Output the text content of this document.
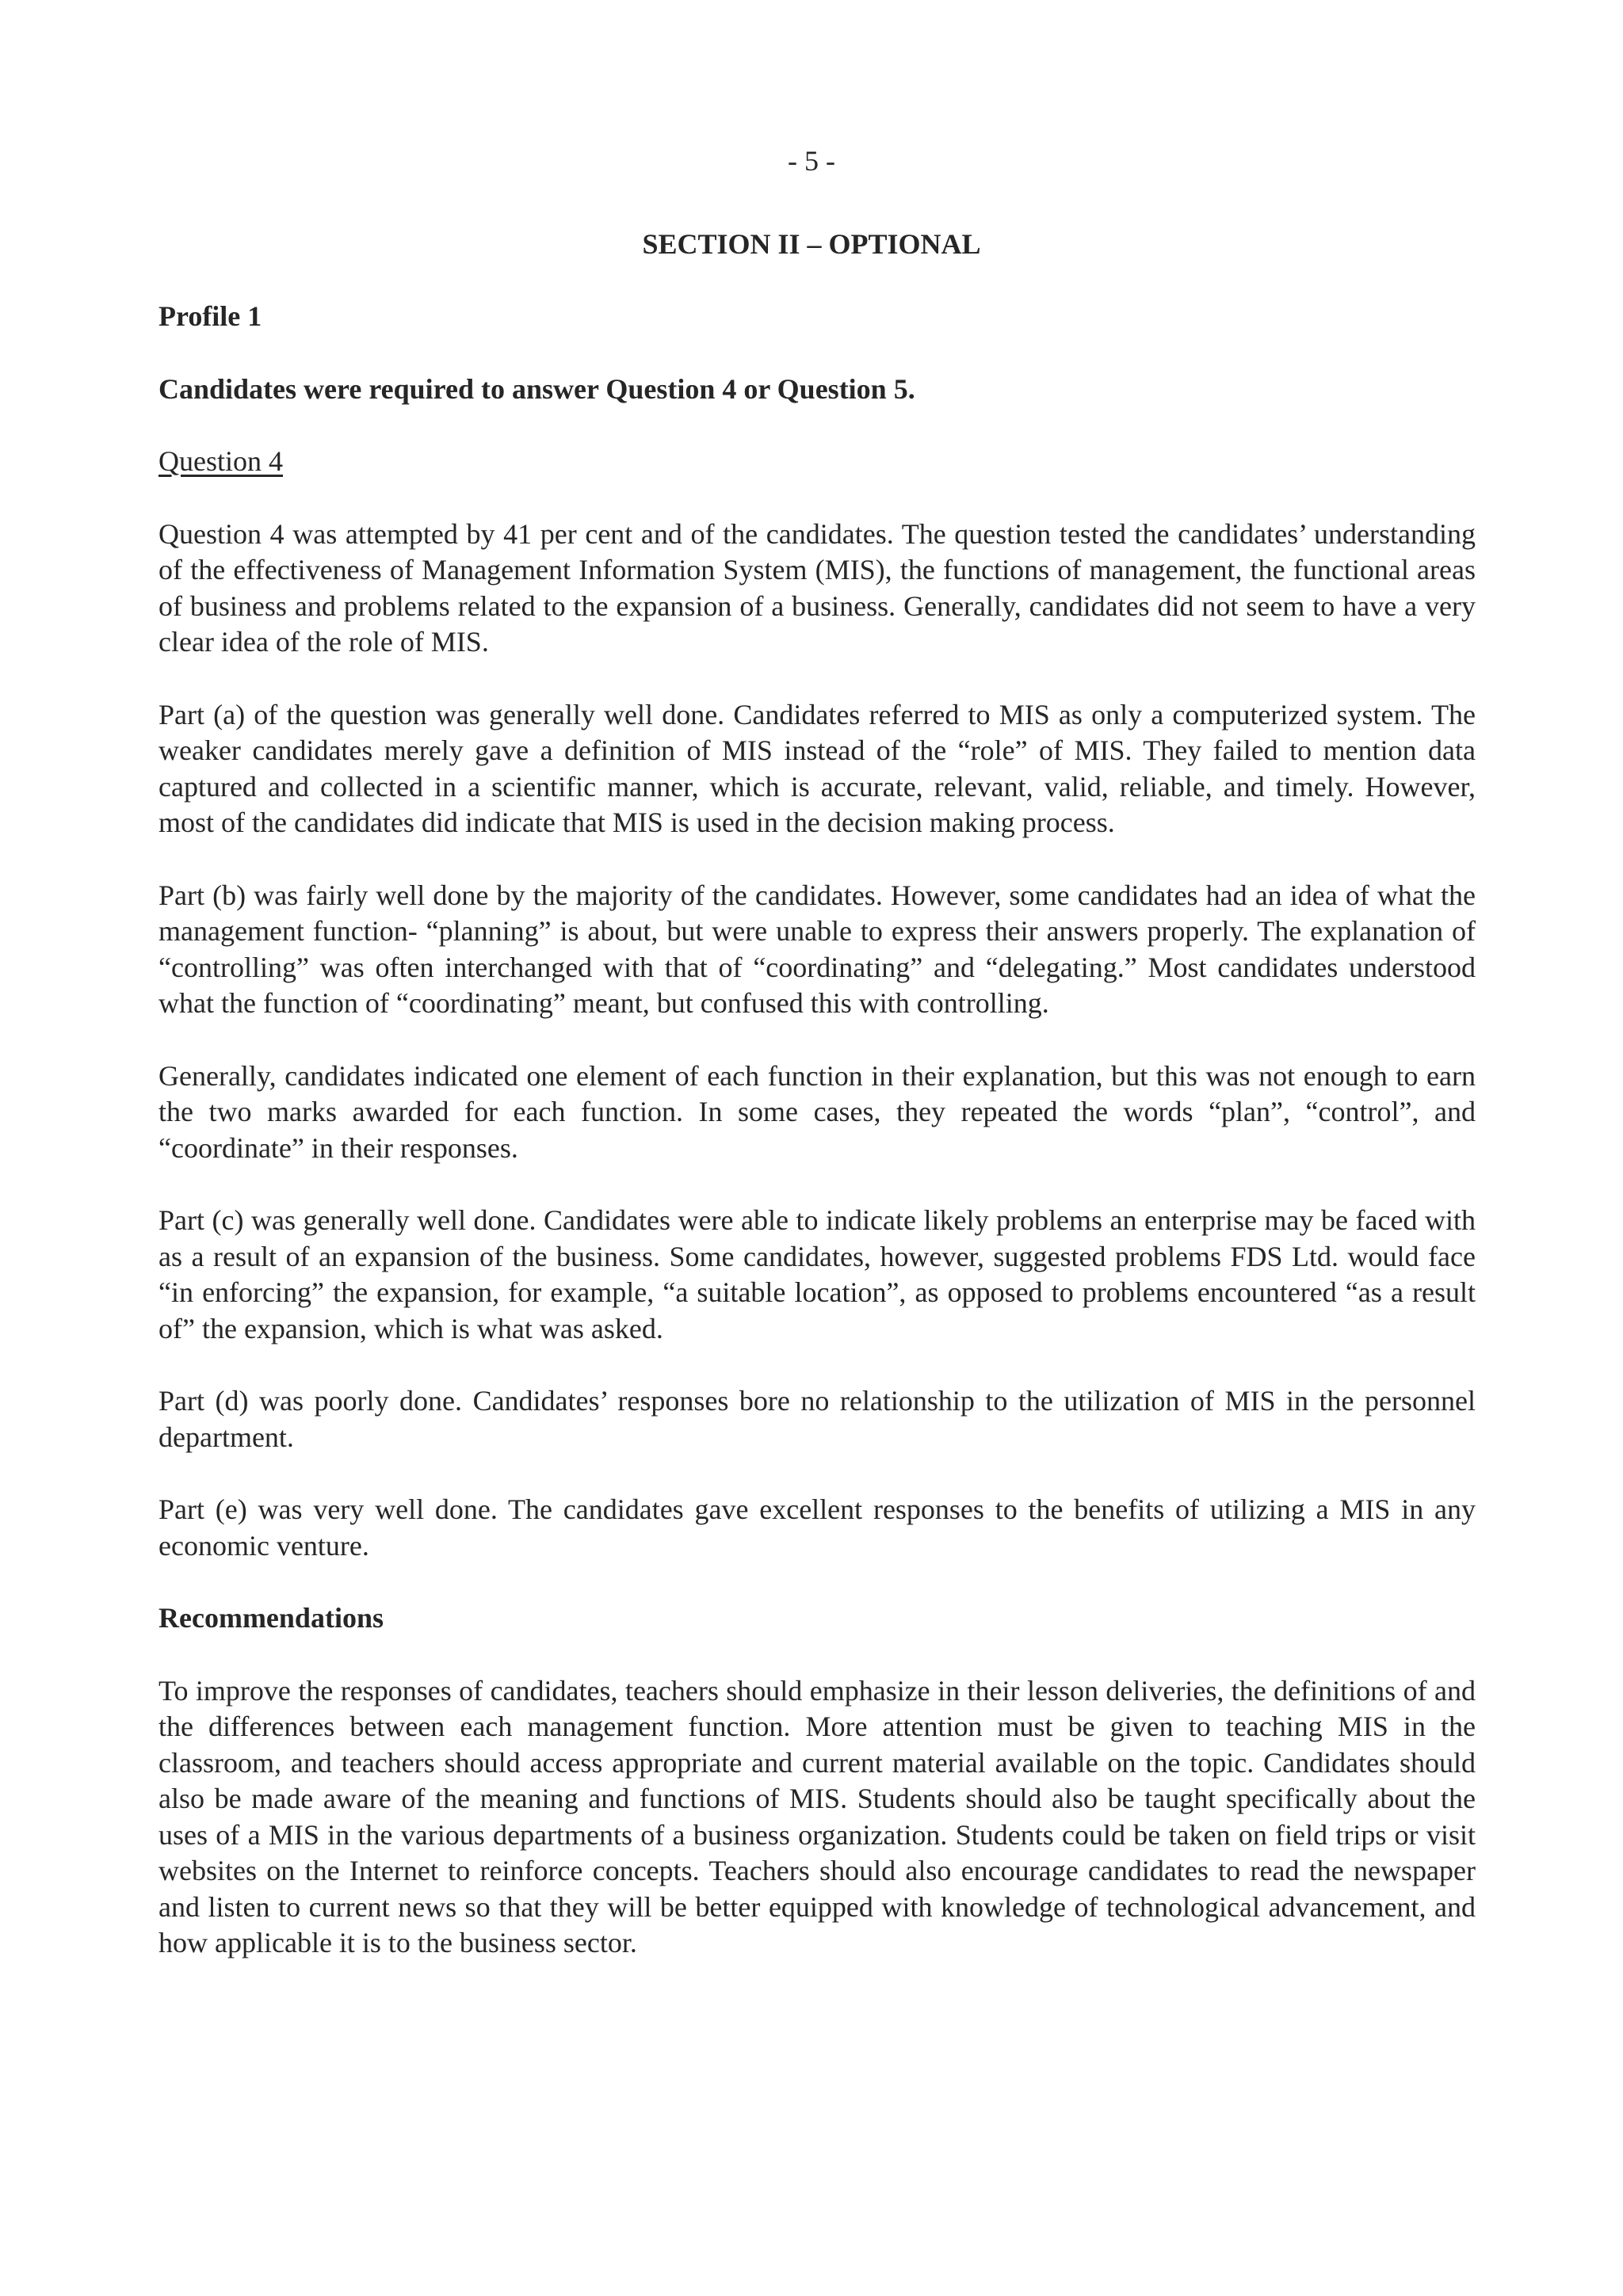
- 5 -
SECTION II – OPTIONAL

Profile 1

Candidates were required to answer Question 4 or Question 5.

Question 4

Question 4 was attempted by 41 per cent and of the candidates. The question tested the candidates’ understanding of the effectiveness of Management Information System (MIS), the functions of management, the functional areas of business and problems related to the expansion of a business. Generally, candidates did not seem to have a very clear idea of the role of MIS.

Part (a) of the question was generally well done. Candidates referred to MIS as only a computerized system. The weaker candidates merely gave a definition of MIS instead of the “role” of MIS. They failed to mention data captured and collected in a scientific manner, which is accurate, relevant, valid, reliable, and timely. However, most of the candidates did indicate that MIS is used in the decision making process.

Part (b) was fairly well done by the majority of the candidates. However, some candidates had an idea of what the management function- “planning” is about, but were unable to express their answers properly. The explanation of “controlling” was often interchanged with that of “coordinating” and “delegating.” Most candidates understood what the function of “coordinating” meant, but confused this with controlling.

Generally, candidates indicated one element of each function in their explanation, but this was not enough to earn the two marks awarded for each function. In some cases, they repeated the words “plan”, “control”, and “coordinate” in their responses.

Part (c) was generally well done. Candidates were able to indicate likely problems an enterprise may be faced with as a result of an expansion of the business. Some candidates, however, suggested problems FDS Ltd. would face “in enforcing” the expansion, for example, “a suitable location”, as opposed to problems encountered “as a result of” the expansion, which is what was asked.

Part (d) was poorly done. Candidates’ responses bore no relationship to the utilization of MIS in the personnel department.

Part (e) was very well done. The candidates gave excellent responses to the benefits of utilizing a MIS in any economic venture.

Recommendations

To improve the responses of candidates, teachers should emphasize in their lesson deliveries, the definitions of and the differences between each management function. More attention must be given to teaching MIS in the classroom, and teachers should access appropriate and current material available on the topic. Candidates should also be made aware of the meaning and functions of MIS. Students should also be taught specifically about the uses of a MIS in the various departments of a business organization. Students could be taken on field trips or visit websites on the Internet to reinforce concepts. Teachers should also encourage candidates to read the newspaper and listen to current news so that they will be better equipped with knowledge of technological advancement, and how applicable it is to the business sector.
